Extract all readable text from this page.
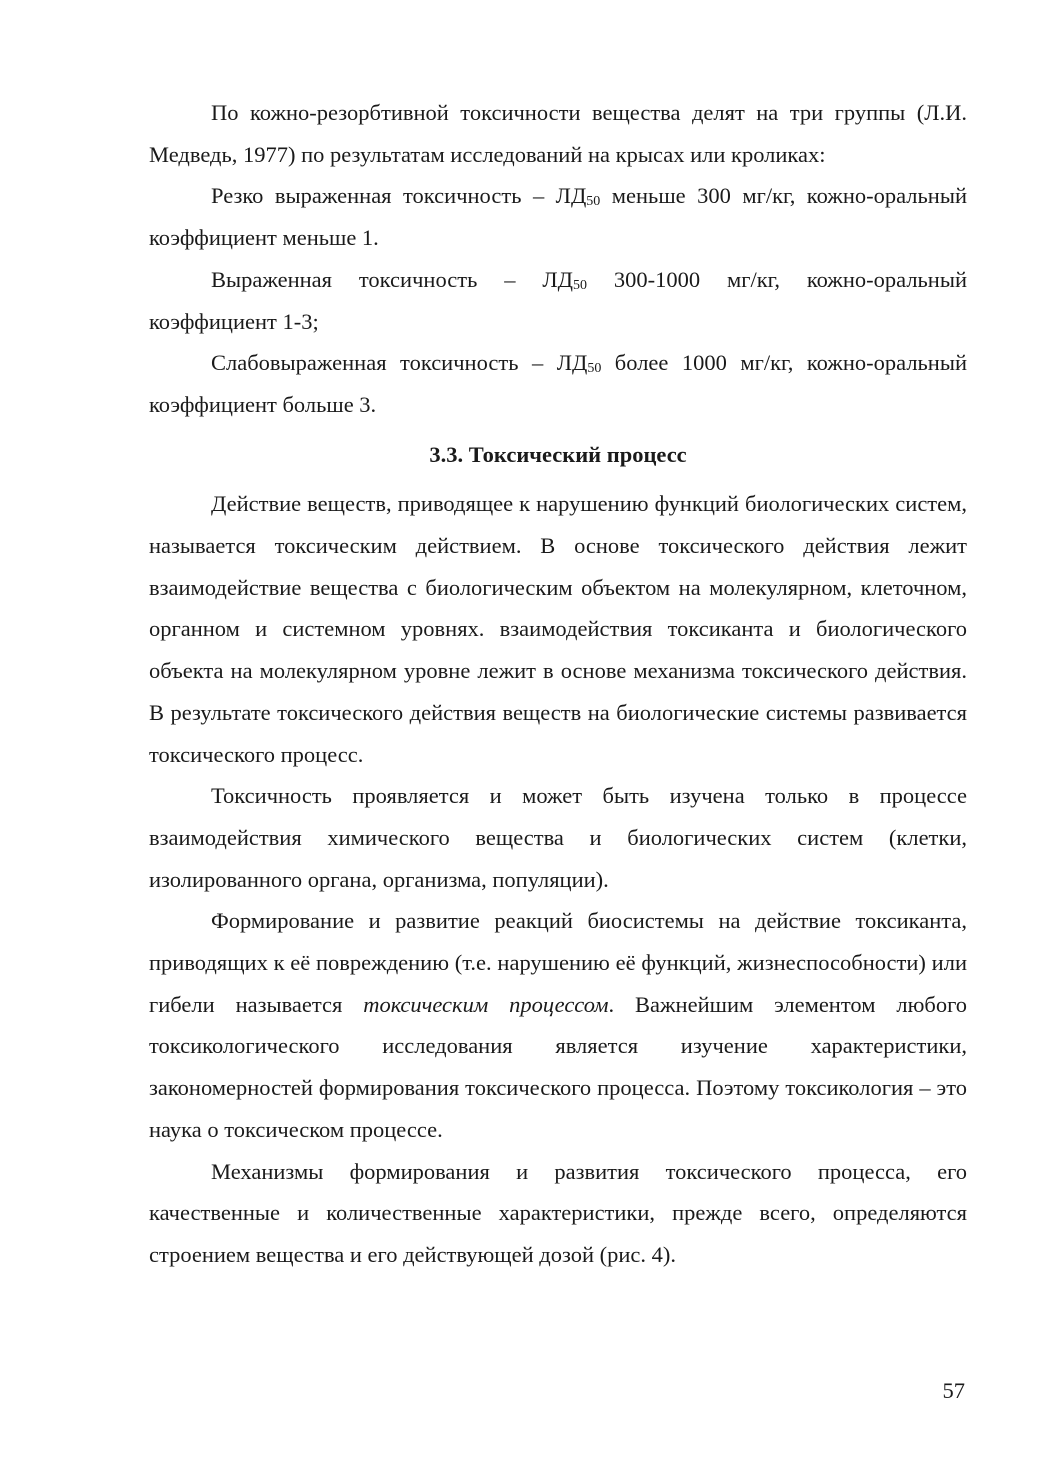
По кожно-резорбтивной токсичности вещества делят на три группы (Л.И. Медведь, 1977) по результатам исследований на крысах или кроликах:

Резко выраженная токсичность – $ЛД_{50}$ меньше 300 мг/кг, кожно-оральный коэффициент меньше 1.

Выраженная токсичность – $ЛД_{50}$ 300-1000 мг/кг, кожно-оральный коэффициент 1-3;

Слабовыраженная токсичность – $ЛД_{50}$ более 1000 мг/кг, кожно-оральный коэффициент больше 3.

3.3. Токсический процесс

Действие веществ, приводящее к нарушению функций биологических систем, называется токсическим действием. В основе токсического действия лежит взаимодействие вещества с биологическим объектом на молекулярном, клеточном, органном и системном уровнях. взаимодействия токсиканта и биологического объекта на молекулярном уровне лежит в основе механизма токсического действия. В результате токсического действия веществ на биологические системы развивается токсического процесс.

Токсичность проявляется и может быть изучена только в процессе взаимодействия химического вещества и биологических систем (клетки, изолированного органа, организма, популяции).

Формирование и развитие реакций биосистемы на действие токсиканта, приводящих к её повреждению (т.е. нарушению её функций, жизнеспособности) или гибели называется токсическим процессом. Важнейшим элементом любого токсикологического исследования является изучение характеристики, закономерностей формирования токсического процесса. Поэтому токсикология – это наука о токсическом процессе.

Механизмы формирования и развития токсического процесса, его качественные и количественные характеристики, прежде всего, определяются строением вещества и его действующей дозой (рис. 4).

57
